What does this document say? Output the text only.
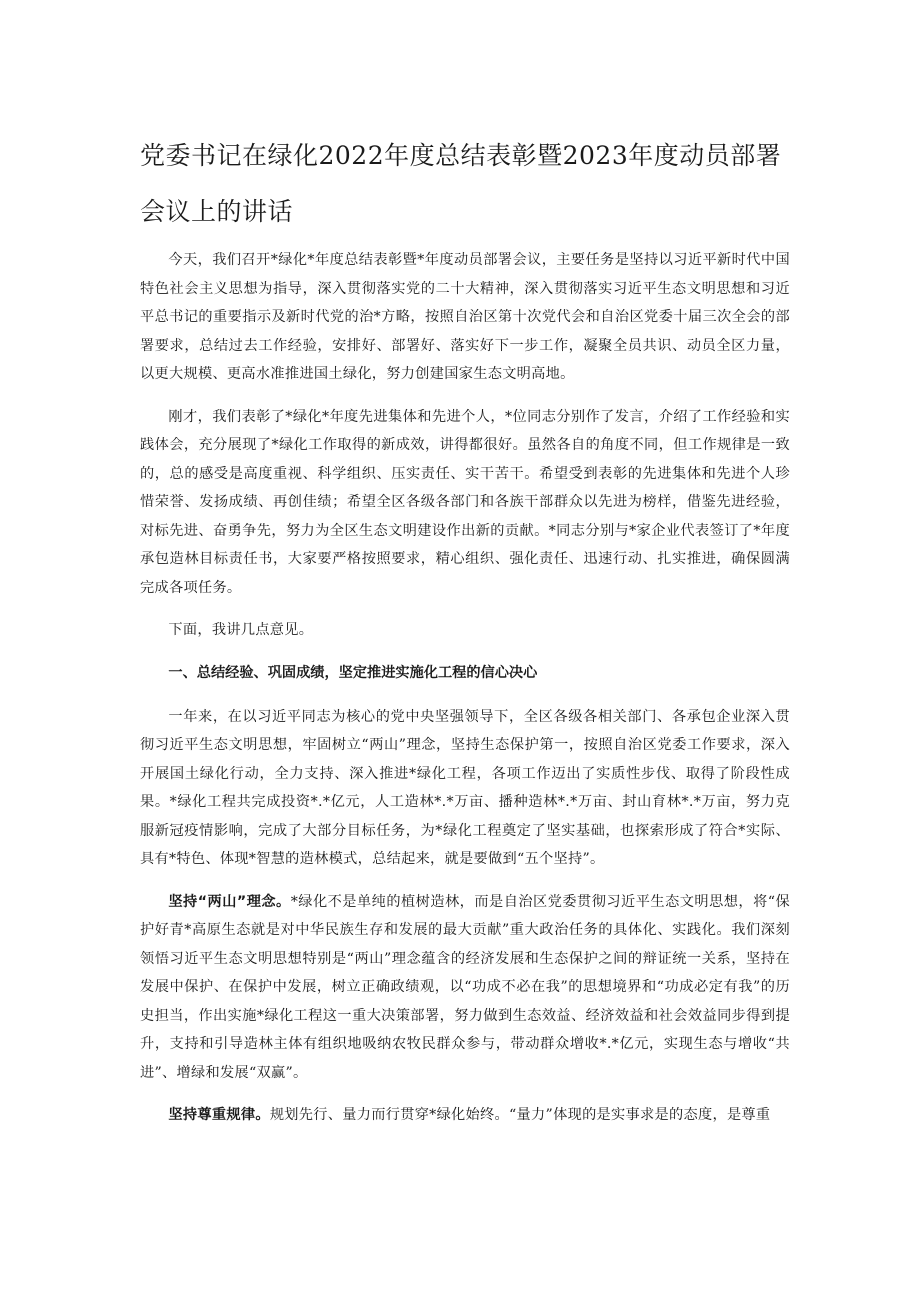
党委书记在绿化2022年度总结表彰暨2023年度动员部署会议上的讲话

今天，我们召开*绿化*年度总结表彰暨*年度动员部署会议，主要任务是坚持以习近平新时代中国特色社会主义思想为指导，深入贯彻落实党的二十大精神，深入贯彻落实习近平生态文明思想和习近平总书记的重要指示及新时代党的治*方略，按照自治区第十次党代会和自治区党委十届三次全会的部署要求，总结过去工作经验，安排好、部署好、落实好下一步工作，凝聚全员共识、动员全区力量，以更大规模、更高水准推进国土绿化，努力创建国家生态文明高地。

刚才，我们表彰了*绿化*年度先进集体和先进个人，*位同志分别作了发言，介绍了工作经验和实践体会，充分展现了*绿化工作取得的新成效，讲得都很好。虽然各自的角度不同，但工作规律是一致的，总的感受是高度重视、科学组织、压实责任、实干苦干。希望受到表彰的先进集体和先进个人珍惜荣誉、发扬成绩、再创佳绩；希望全区各级各部门和各族干部群众以先进为榜样，借鉴先进经验，对标先进、奋勇争先，努力为全区生态文明建设作出新的贡献。*同志分别与*家企业代表签订了*年度承包造林目标责任书，大家要严格按照要求，精心组织、强化责任、迅速行动、扎实推进，确保圆满完成各项任务。

下面，我讲几点意见。

一、总结经验、巩固成绩，坚定推进实施化工程的信心决心

一年来，在以习近平同志为核心的党中央坚强领导下，全区各级各相关部门、各承包企业深入贯彻习近平生态文明思想，牢固树立“两山”理念，坚持生态保护第一，按照自治区党委工作要求，深入开展国土绿化行动，全力支持、深入推进*绿化工程，各项工作迈出了实质性步伐、取得了阶段性成果。*绿化工程共完成投资*.*亿元，人工造林*.*万亩、播种造林*.*万亩、封山育林*.*万亩，努力克服新冠疫情影响，完成了大部分目标任务，为*绿化工程奠定了坚实基础，也探索形成了符合*实际、具有*特色、体现*智慧的造林模式，总结起来，就是要做到“五个坚持”。

坚持“两山”理念。*绿化不是单纯的植树造林，而是自治区党委贯彻习近平生态文明思想，将“保护好青*高原生态就是对中华民族生存和发展的最大贡献”重大政治任务的具体化、实践化。我们深刻领悟习近平生态文明思想特别是“两山”理念蕴含的经济发展和生态保护之间的辩证统一关系，坚持在发展中保护、在保护中发展，树立正确政绩观，以“功成不必在我”的思想境界和“功成必定有我”的历史担当，作出实施*绿化工程这一重大决策部署，努力做到生态效益、经济效益和社会效益同步得到提升，支持和引导造林主体有组织地吸纳农牧民群众参与，带动群众增收*.*亿元，实现生态与增收“共进”、增绿和发展“双赢”。

坚持尊重规律。规划先行、量力而行贯穿*绿化始终。“量力”体现的是实事求是的态度，是尊重
